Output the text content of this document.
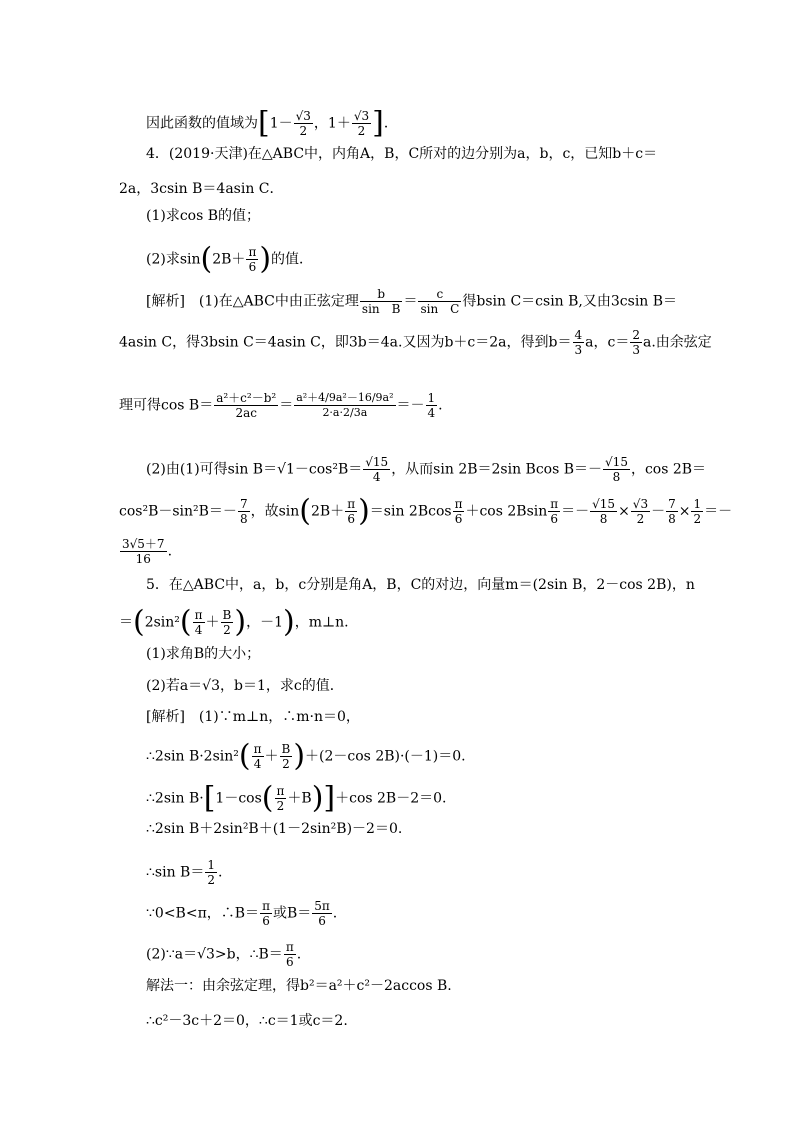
因此函数的值域为[$1- \frac{√3}{2}$ ，$1+ \frac{√3}{2}$ ]．
4．(2019·天津)在△ABC中，内角A，B，C所对的边分别为a，b，c，已知b＋c＝
2a，3csin B＝4asin C．
(1)求cos B的值；
(2)求$\sin(2B+ \frac{\pi}{6}$ )的值．
[解析]　(1)在△ABC中由正弦定理 $\frac{b}{\text{sin　B}} = \frac{c}{\text{sin　C}}$ 得bsin C＝csin B,又由3csin B＝
4asin C，得3bsin C＝4asin C，即3b＝4a.又因为b＋c＝2a，得到$b= \frac{4}{3}$ a，$c= \frac{2}{3} a$.由余弦定
理可得$\cos B= \frac{\text{a²＋c²－b²}}{2ac} = \frac{\text{a²＋4/9a²－16/9a²}}{2\cdot a\cdot 2/3a} =- \frac{1}{4}$ .
(2)由(1)可得$\sin B=√1-\cos^2B= \frac{√15}{4}$ ，从而sin 2B＝2sin Bcos $B=- \frac{√15}{8}$ ，cos 2B＝
$\cos^2B-\sin^2B=- \frac{7}{8}$ ，故$\sin(2B+ \frac{\pi}{6} )=\sin$ $2Bcos \frac{\pi}{6} +\cos$ $2Bsin \frac{\pi}{6} =- \frac{√15}{8} \times \frac{√3}{2} - \frac{7}{8} \times \frac{1}{2}$ ＝－
$\frac{3√5+7}{16}$ .
5．在△ABC中，a，b，c分别是角A，B，C的对边，向量m＝(2sin B，2－cos 2B)，n
$=(2\sin^2( \frac{\pi}{4} + \frac{B}{2}$ )，－1)，m⊥n.
(1)求角B的大小；
(2)若a＝√3，b＝1，求c的值．
[解析]　(1)∵m⊥n，∴m·n＝0，
∴2sin $B\cdot 2\sin^2( \frac{\pi}{4} + \frac{B}{2} )+(2-\cos$ 2B)·(－1)＝0.
∴2sin $B\cdot[1-\cos( \frac{\pi}{2} +B)]+\cos$ 2B－2＝0.
∴2sin B＋2sin²B＋(1－2sin²B)－2＝0.
∴sin $B= \frac{1}{2}$ .
∵0<B<π，∴B＝ $\frac{\pi}{6}$ 或$B= \frac{5\pi}{6}$ .
(2)∵a＝√3>b，∴B＝ $\frac{\pi}{6}$ .
解法一：由余弦定理，得b²＝a²＋c²－2accos B.
∴c²－3c＋2＝0，∴c＝1或c＝2.
